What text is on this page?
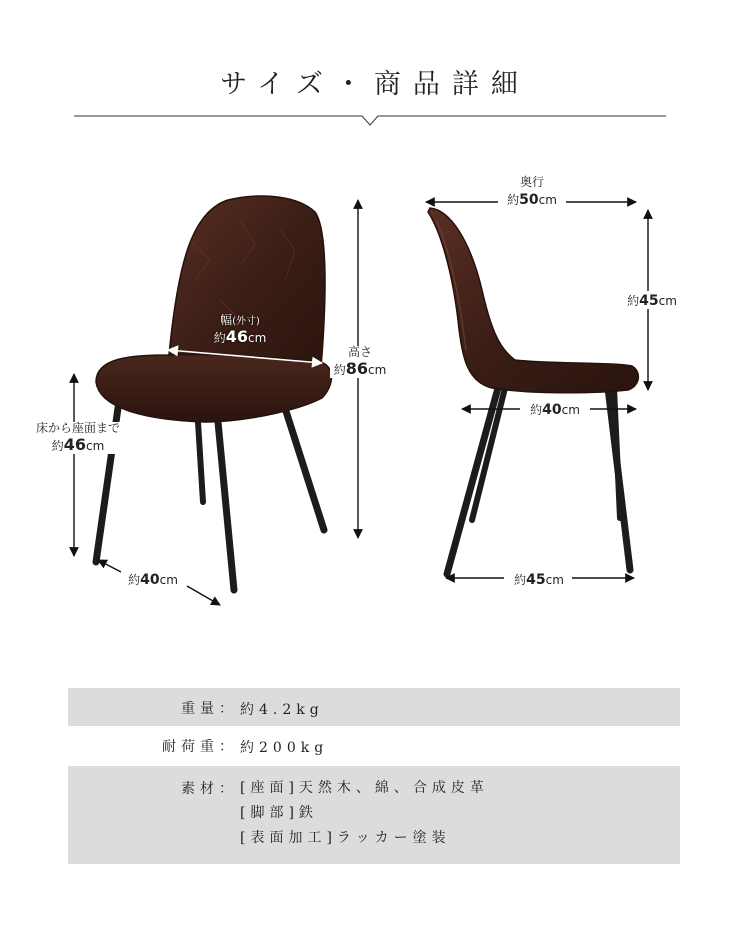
サイズ・商品詳細
幅(外寸)
約46cm
高さ
約86cm
床から座面まで
約46cm
約40cm
奥行
約50cm
約45cm
約40cm
約45cm
重量： 約4.2kg
耐荷重： 約200kg
素材： [座面]天然木、綿、合成皮革
[脚部]鉄
[表面加工]ラッカー塗装
